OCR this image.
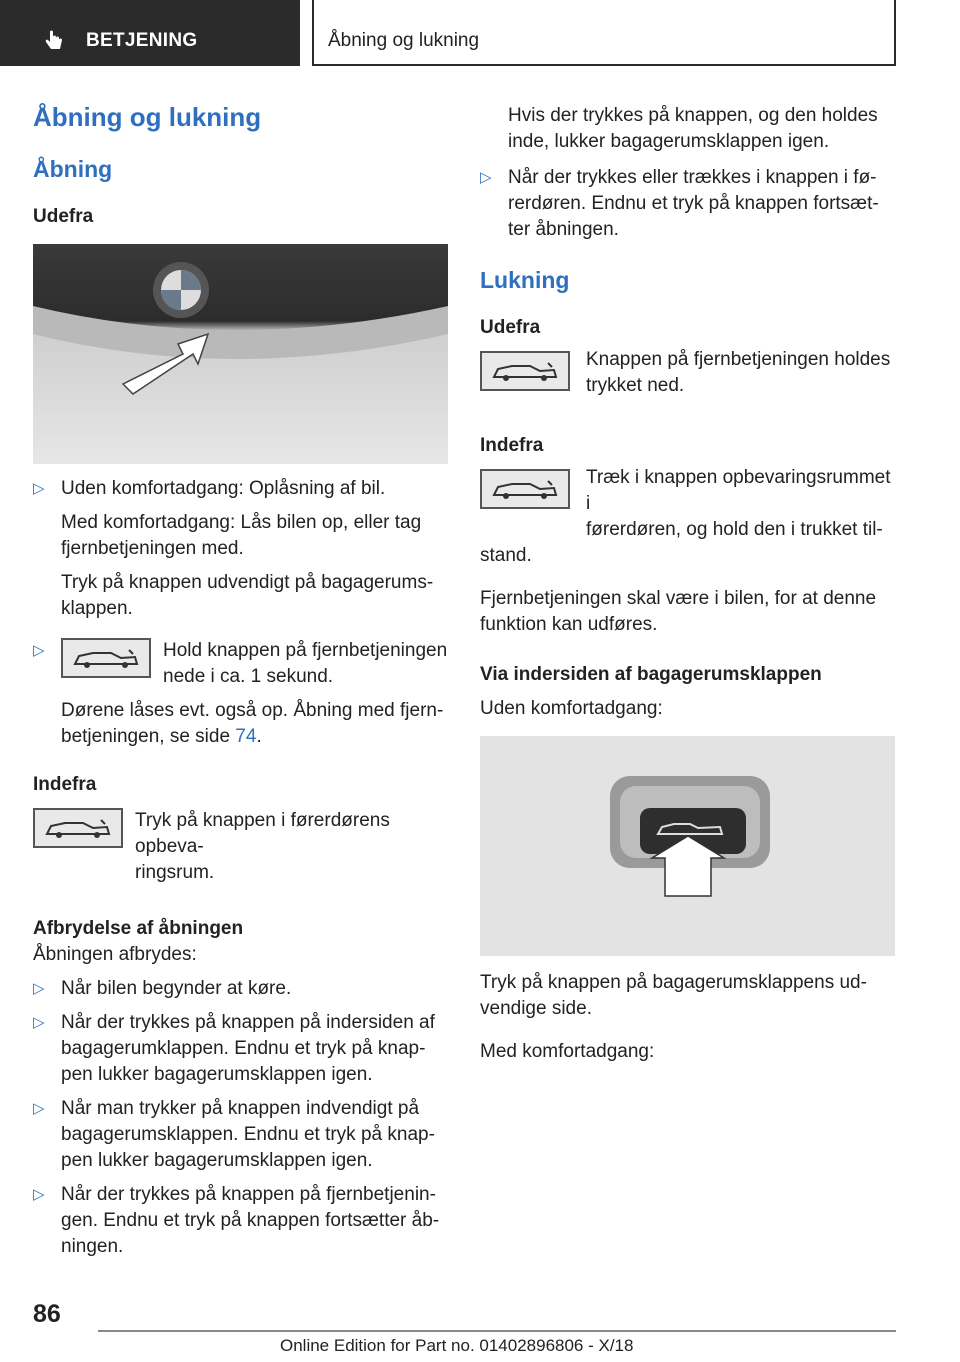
BETJENING	Åbning og lukning
Åbning og lukning
Åbning
Udefra
▷ Uden komfortadgang: Oplåsning af bil.

Med komfortadgang: Lås bilen op, eller tag

fjernbetjeningen med.

Tryk på knappen udvendigt på bagagerums-

klappen.

▷	Hold knappen på fjernbetjeningen

nede i ca. 1 sekund.

Dørene låses evt. også op. Åbning med fjern-

betjeningen, se side 74.

Indefra

Tryk på knappen i førerdørens opbeva-

ringsrum.

Afbrydelse af åbningen

Åbningen afbrydes:

▷ Når bilen begynder at køre.

▷ Når der trykkes på knappen på indersiden af

bagagerumklappen. Endnu et tryk på knap-

pen lukker bagagerumsklappen igen.

▷ Når man trykker på knappen indvendigt på

bagagerumsklappen. Endnu et tryk på knap-

pen lukker bagagerumsklappen igen.

▷ Når der trykkes på knappen på fjernbetjenin-

gen. Endnu et tryk på knappen fortsætter åb-

ningen.

Hvis der trykkes på knappen, og den holdes

inde, lukker bagagerumsklappen igen.

▷ Når der trykkes eller trækkes i knappen i fø-

rerdøren. Endnu et tryk på knappen fortsæt-

ter åbningen.

Lukning
Udefra

Knappen på fjernbetjeningen holdes

trykket ned.

Indefra

Træk i knappen opbevaringsrummet i

førerdøren, og hold den i trukket til-

stand.

Fjernbetjeningen skal være i bilen, for at denne

funktion kan udføres.

Via indersiden af bagagerumsklappen

Uden komfortadgang:

Tryk på knappen på bagagerumsklappens ud-

vendige side.

Med komfortadgang:

86
Online Edition for Part no. 01402896806 - X/18
